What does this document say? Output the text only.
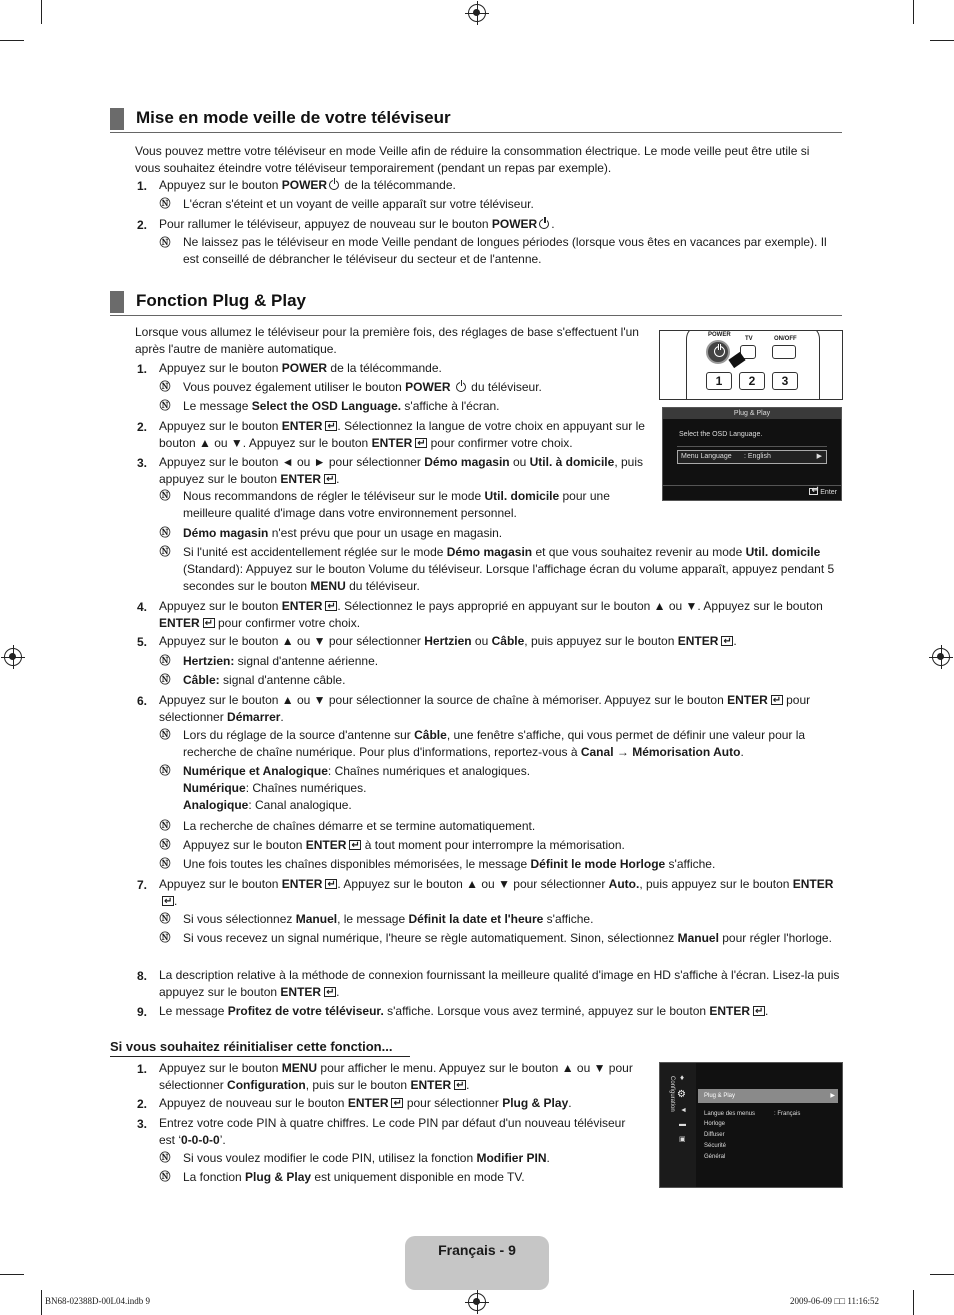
Mise en mode veille de votre téléviseur
Vous pouvez mettre votre téléviseur en mode Veille afin de réduire la consommation électrique. Le mode veille peut être utile si vous souhaitez éteindre votre téléviseur temporairement (pendant un repas par exemple).
1. Appuyez sur le bouton POWER de la télécommande.
Ⓝ L'écran s'éteint et un voyant de veille apparaît sur votre téléviseur.
2. Pour rallumer le téléviseur, appuyez de nouveau sur le bouton POWER .
Ⓝ Ne laissez pas le téléviseur en mode Veille pendant de longues périodes (lorsque vous êtes en vacances par exemple). Il est conseillé de débrancher le téléviseur du secteur et de l'antenne.
Fonction Plug & Play
Lorsque vous allumez le téléviseur pour la première fois, des réglages de base s'effectuent l'un après l'autre de manière automatique.
POWER
TV	ON/OFF
1	2	3
Plug & Play
Select the OSD Language.
Menu Language : English	▶
↵ Enter
1. Appuyez sur le bouton POWER de la télécommande.
Ⓝ Vous pouvez également utiliser le bouton POWER  du téléviseur.
Ⓝ Le message Select the OSD Language. s'affiche à l'écran.
2. Appuyez sur le bouton ENTER ↵ . Sélectionnez la langue de votre choix en appuyant sur le bouton ▲ ou ▼. Appuyez sur le bouton ENTER↵ pour confirmer votre choix.
3. Appuyez sur le bouton ◄ ou ► pour sélectionner Démo magasin ou Util. à domicile, puis appuyez sur le bouton ENTER ↵ .
Ⓝ Nous recommandons de régler le téléviseur sur le mode Util. domicile pour une meilleure qualité d'image dans votre environnement personnel.
Ⓝ Démo magasin n'est prévu que pour un usage en magasin.
Ⓝ Si l'unité est accidentellement réglée sur le mode Démo magasin et que vous souhaitez revenir au mode Util. domicile (Standard): Appuyez sur le bouton Volume du téléviseur. Lorsque l'affichage écran du volume apparaît, appuyez pendant 5 secondes sur le bouton MENU du téléviseur.
4. Appuyez sur le bouton ENTER ↵ . Sélectionnez le pays approprié en appuyant sur le bouton ▲ ou ▼. Appuyez sur le bouton ENTER↵ pour confirmer votre choix.
5. Appuyez sur le bouton ▲ ou ▼ pour sélectionner Hertzien ou Câble, puis appuyez sur le bouton ENTER ↵ .
Ⓝ Hertzien: signal d'antenne aérienne.
Ⓝ Câble: signal d'antenne câble.
6. Appuyez sur le bouton ▲ ou ▼ pour sélectionner la source de chaîne à mémoriser. Appuyez sur le bouton ENTER↵ pour sélectionner Démarrer.
Ⓝ Lors du réglage de la source d'antenne sur Câble, une fenêtre s'affiche, qui vous permet de définir une valeur pour la recherche de chaîne numérique. Pour plus d'informations, reportez-vous à Canal → Mémorisation Auto.
Ⓝ Numérique et Analogique: Chaînes numériques et analogiques.
Numérique: Chaînes numériques.
Analogique: Canal analogique.
Ⓝ La recherche de chaînes démarre et se termine automatiquement.
Ⓝ Appuyez sur le bouton ENTER↵ à tout moment pour interrompre la mémorisation.
Ⓝ Une fois toutes les chaînes disponibles mémorisées, le message Définit le mode Horloge s'affiche.
7. Appuyez sur le bouton ENTER ↵ . Appuyez sur le bouton ▲ ou ▼ pour sélectionner Auto., puis appuyez sur le bouton ENTER↵.
Ⓝ Si vous sélectionnez Manuel, le message Définit la date et l'heure s'affiche.
Ⓝ Si vous recevez un signal numérique, l'heure se règle automatiquement. Sinon, sélectionnez Manuel pour régler l'horloge.
8. La description relative à la méthode de connexion fournissant la meilleure qualité d'image en HD s'affiche à l'écran. Lisez-la puis appuyez sur le bouton ENTER ↵ .
9. Le message Profitez de votre téléviseur. s'affiche. Lorsque vous avez terminé, appuyez sur le bouton ENTER ↵ .
Si vous souhaitez réinitialiser cette fonction...
1. Appuyez sur le bouton MENU pour afficher le menu. Appuyez sur le bouton ▲ ou ▼ pour sélectionner Configuration, puis sur le bouton ENTER ↵ .
2. Appuyez de nouveau sur le bouton ENTER↵ pour sélectionner Plug & Play.
3. Entrez votre code PIN à quatre chiffres. Le code PIN par défaut d'un nouveau téléviseur est ‘0-0-0-0’.
Ⓝ Si vous voulez modifier le code PIN, utilisez la fonction Modifier PIN.
Ⓝ La fonction Plug & Play est uniquement disponible en mode TV.
Configuration ♦
⚙
◄
▬
▣
Plug & Play	▶
Langue des menus	: Français
Horloge
Diffuser
Sécurité
Général
Français - 9
BN68-02388D-00L04.indb 9	2009-06-09 □□ 11:16:52
